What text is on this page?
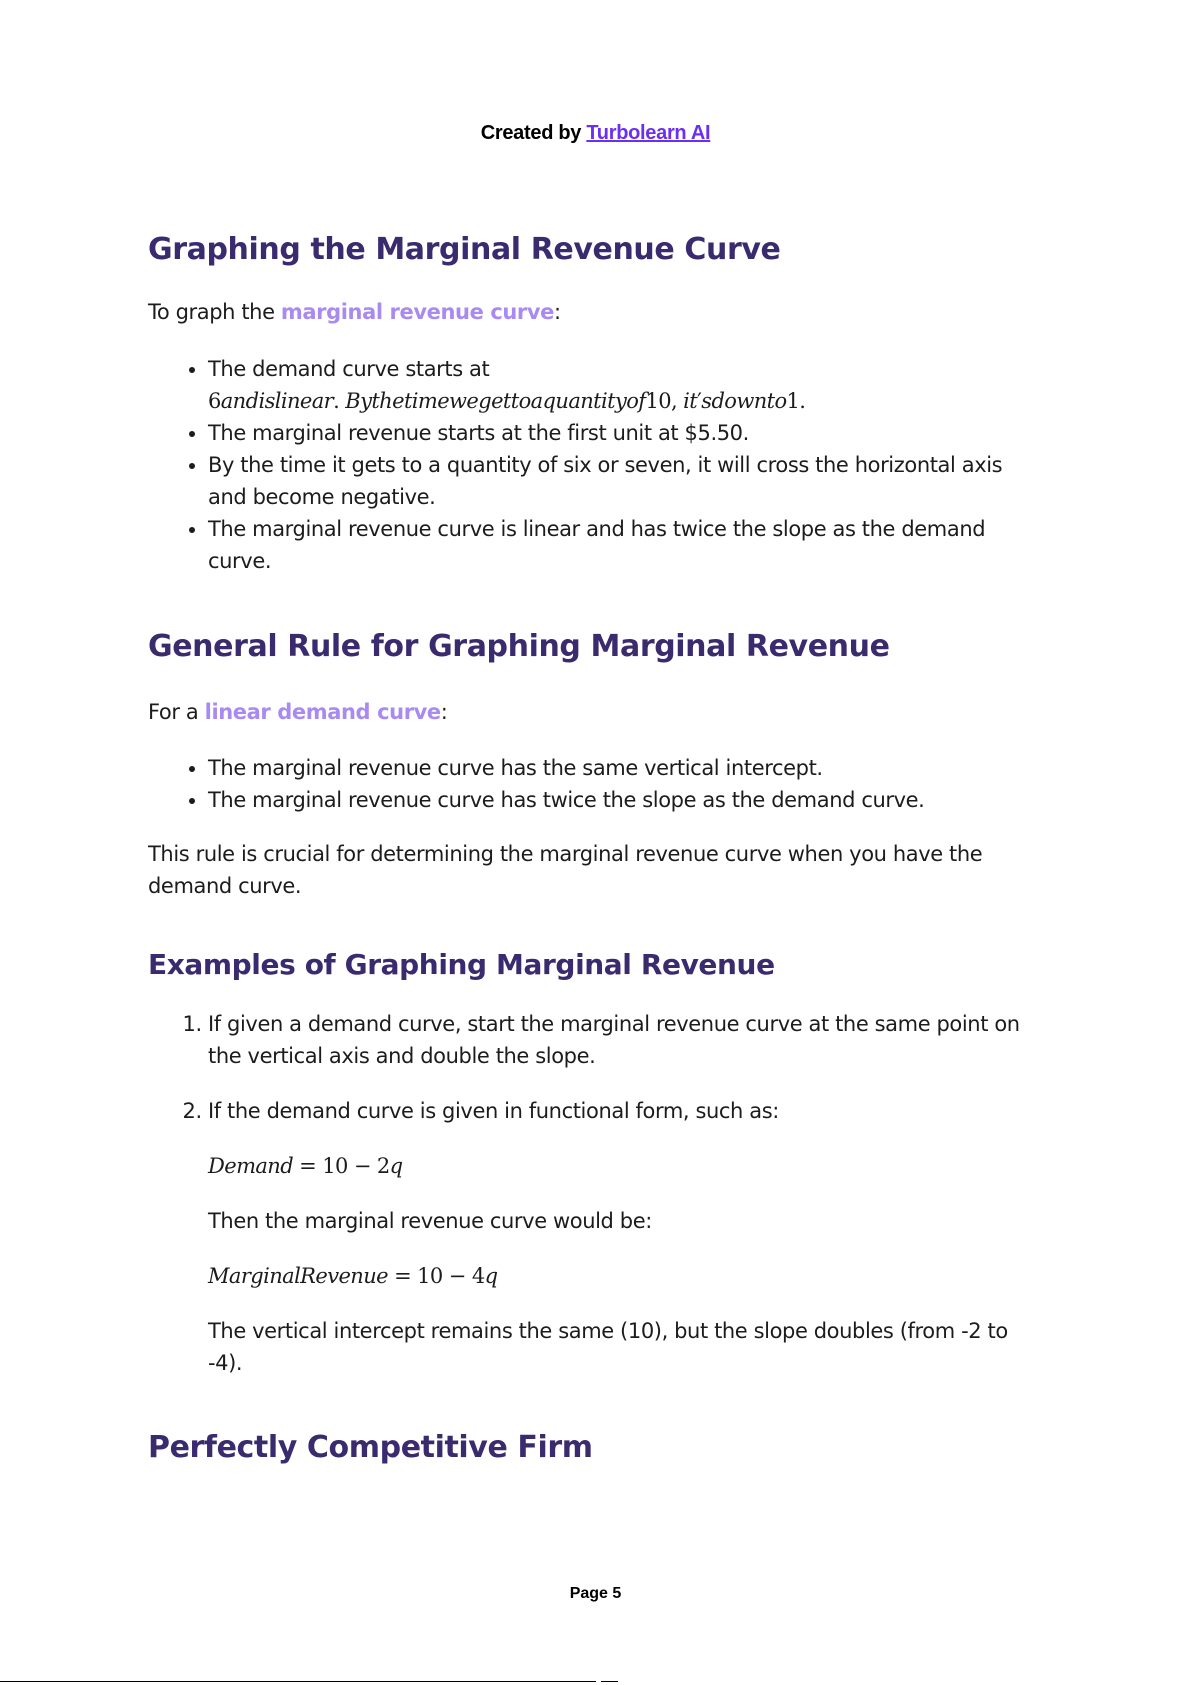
Created by Turbolearn AI
Graphing the Marginal Revenue Curve

To graph the marginal revenue curve:

• The demand curve starts at
6andislinear. Bythetimewegettoaquantityof10, it′sdownto1.
• The marginal revenue starts at the first unit at $5.50.
• By the time it gets to a quantity of six or seven, it will cross the horizontal axis and become negative.
• The marginal revenue curve is linear and has twice the slope as the demand curve.
General Rule for Graphing Marginal Revenue

For a linear demand curve:

• The marginal revenue curve has the same vertical intercept.
• The marginal revenue curve has twice the slope as the demand curve.

This rule is crucial for determining the marginal revenue curve when you have the demand curve.

Examples of Graphing Marginal Revenue
1. If given a demand curve, start the marginal revenue curve at the same point on the vertical axis and double the slope.
2. If the demand curve is given in functional form, such as:

Demand = 10 − 2q

Then the marginal revenue curve would be:

MarginalRevenue = 10 − 4q

The vertical intercept remains the same (10), but the slope doubles (from -2 to -4).

Perfectly Competitive Firm
Page 5
